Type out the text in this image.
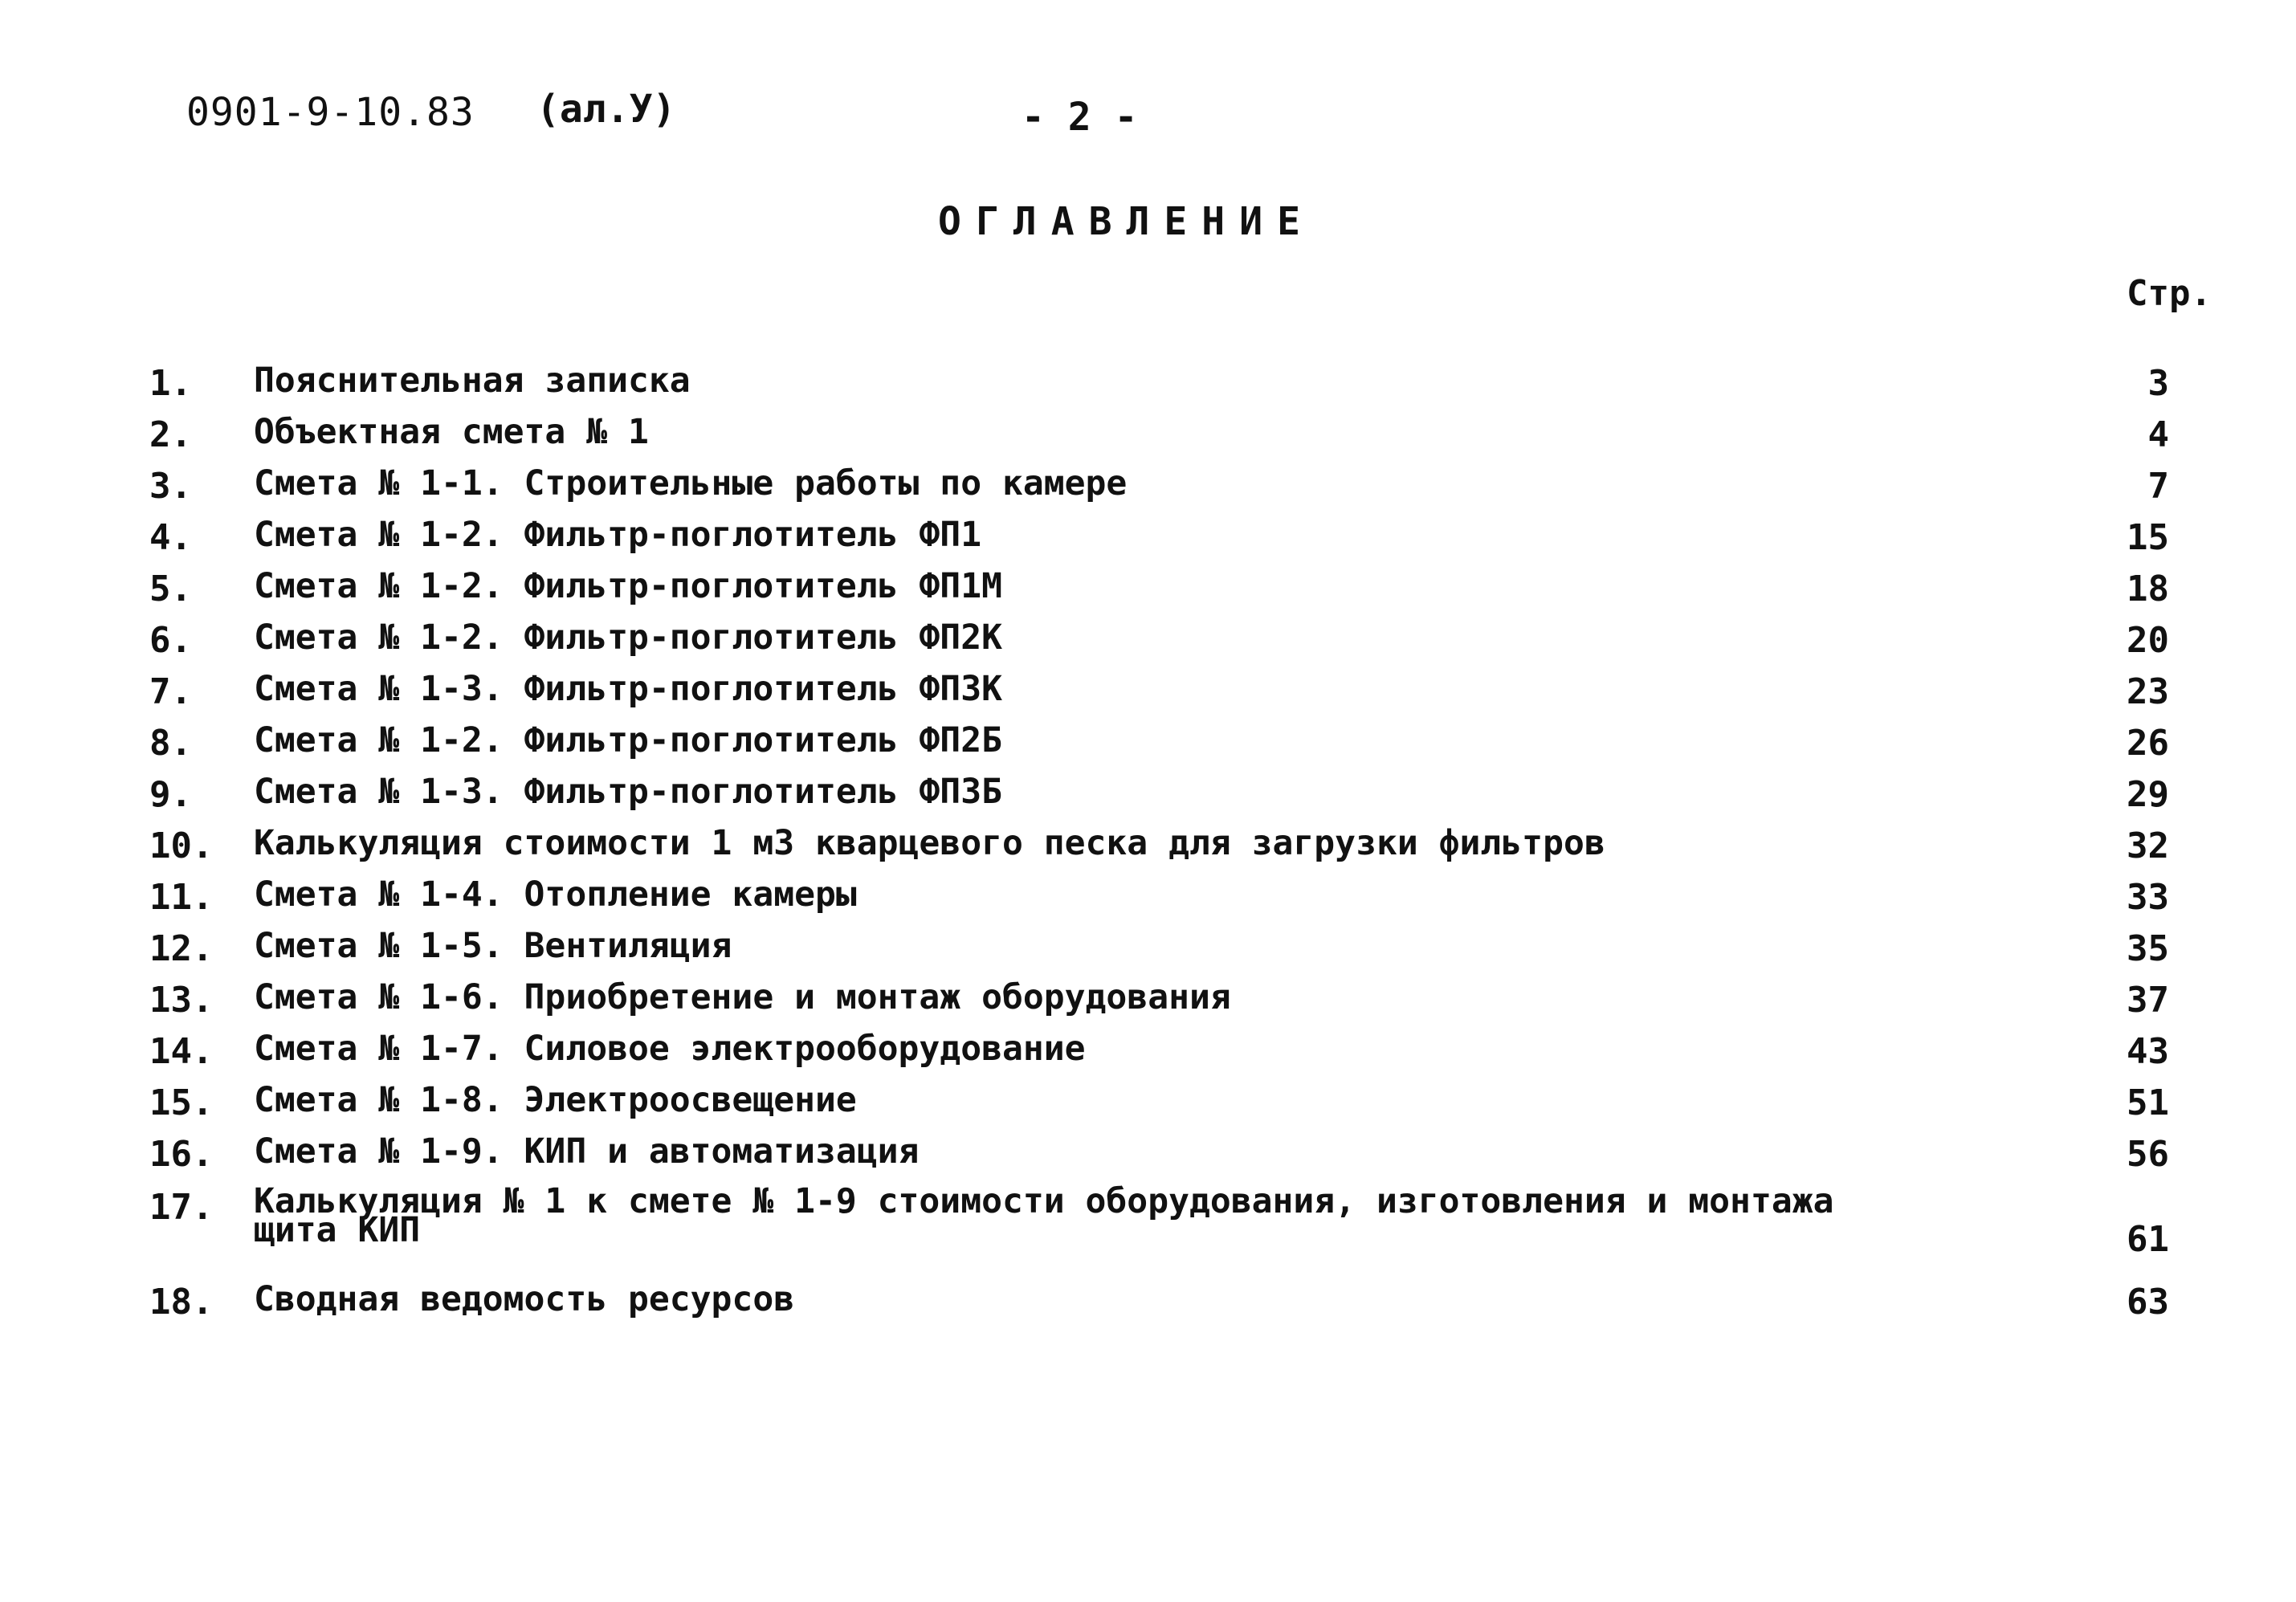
0901-9-10.83 (ал.У)	- 2 -
ОГЛАВЛЕНИЕ
Стр.
1. Пояснительная записка	3
2. Объектная смета № 1	4
3. Смета № 1-1. Строительные работы по камере	7
4. Смета № 1-2. Фильтр-поглотитель ФП1	15
5. Смета № 1-2. Фильтр-поглотитель ФП1М	18
6. Смета № 1-2. Фильтр-поглотитель ФП2К	20
7. Смета № 1-3. Фильтр-поглотитель ФП3К	23
8. Смета № 1-2. Фильтр-поглотитель ФП2Б	26
9. Смета № 1-3. Фильтр-поглотитель ФП3Б	29
10. Калькуляция стоимости 1 м3 кварцевого песка для загрузки фильтров	32
11. Смета № 1-4. Отопление камеры	33
12. Смета № 1-5. Вентиляция	35
13. Смета № 1-6. Приобретение и монтаж оборудования	37
14. Смета № 1-7. Силовое электрооборудование	43
15. Смета № 1-8. Электроосвещение	51
16. Смета № 1-9. КИП и автоматизация	56
17. Калькуляция № 1 к смете № 1-9 стоимости оборудования, изготовления и монтажа щита КИП	61
18. Сводная ведомость ресурсов	63
